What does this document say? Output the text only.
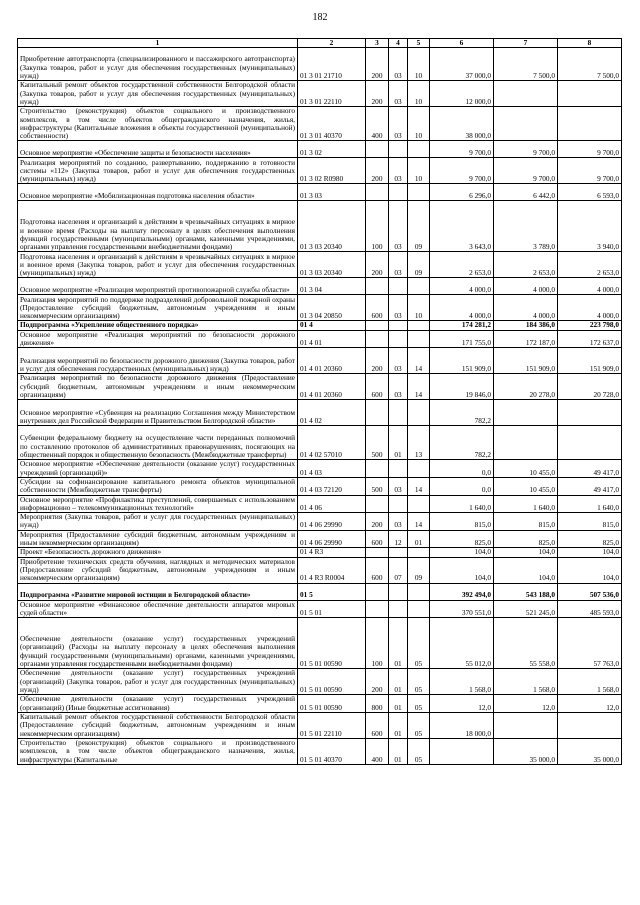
182
1	2	3	4	5	6	7	8
Приобретение автотранспорта (специализированного и пассажирского автотранспорта) (Закупка товаров, работ и услуг для обеспечения государственных (муниципальных) нужд)	01 3 01 21710	200	03	10	37 000,0	7 500,0	7 500,0
Капитальный ремонт объектов государственной собственности Белгородской области (Закупка товаров, работ и услуг для обеспечения государственных (муниципальных) нужд)	01 3 01 22110	200	03	10	12 000,0		
Строительство (реконструкция) объектов социального и производственного комплексов, в том числе объектов общегражданского назначения, жилья, инфраструктуры (Капитальные вложения в объекты государственной (муниципальной) собственности)	01 3 01 40370	400	03	10	38 000,0		
Основное мероприятие «Обеспечение защиты и безопасности населения»	01 3 02				9 700,0	9 700,0	9 700,0
Реализация мероприятий по созданию, развертыванию, поддержанию в готовности системы «112» (Закупка товаров, работ и услуг для обеспечения государственных (муниципальных) нужд)	01 3 02 R0980	200	03	10	9 700,0	9 700,0	9 700,0
Основное мероприятие «Мобилизационная подготовка населения области»	01 3 03				6 296,0	6 442,0	6 593,0
Подготовка населения и организаций к действиям в чрезвычайных ситуациях в мирное и военное время (Расходы на выплату персоналу в целях обеспечения выполнения функций государственными (муниципальными) органами, казенными учреждениями, органами управления государственными внебюджетными фондами)	01 3 03 20340	100	03	09	3 643,0	3 789,0	3 940,0
Подготовка населения и организаций к действиям в чрезвычайных ситуациях в мирное и военное время (Закупка товаров, работ и услуг для обеспечения государственных (муниципальных) нужд)	01 3 03 20340	200	03	09	2 653,0	2 653,0	2 653,0
Основное мероприятие «Реализация мероприятий противопожарной службы области»	01 3 04				4 000,0	4 000,0	4 000,0
Реализация мероприятий по поддержке подразделений добровольной пожарной охраны (Предоставление субсидий бюджетным, автономным учреждениям и иным некоммерческим организациям)	01 3 04 20850	600	03	10	4 000,0	4 000,0	4 000,0
Подпрограмма «Укрепление общественного порядка»	01 4				174 281,2	184 386,0	223 798,0
Основное мероприятие «Реализация мероприятий по безопасности дорожного движения»	01 4 01				171 755,0	172 187,0	172 637,0
Реализация мероприятий по безопасности дорожного движения (Закупка товаров, работ и услуг для обеспечения государственных (муниципальных) нужд)	01 4 01 20360	200	03	14	151 909,0	151 909,0	151 909,0
Реализация мероприятий по безопасности дорожного движения (Предоставление субсидий бюджетным, автономным учреждениям и иным некоммерческим организациям)	01 4 01 20360	600	03	14	19 846,0	20 278,0	20 728,0
Основное мероприятие «Субвенция на реализацию Соглашения между Министерством внутренних дел Российской Федерации и Правительством Белгородской области»	01 4 02				782,2		
Субвенции федеральному бюджету на осуществление части переданных полномочий по составлению протоколов об административных правонарушениях, посягающих на общественный порядок и общественную безопасность (Межбюджетные трансферты)	01 4 02 57010	500	01	13	782,2		
Основное мероприятие «Обеспечение деятельности (оказание услуг) государственных учреждений (организаций)»	01 4 03				0,0	10 455,0	49 417,0
Субсидии на софинансирование капитального ремонта объектов муниципальной собственности (Межбюджетные трансферты)	01 4 03 72120	500	03	14	0,0	10 455,0	49 417,0
Основное мероприятие «Профилактика преступлений, совершаемых с использованием информационно – телекоммуникационных технологий»	01 4 06				1 640,0	1 640,0	1 640,0
Мероприятия (Закупка товаров, работ и услуг для государственных (муниципальных) нужд)	01 4 06 29990	200	03	14	815,0	815,0	815,0
Мероприятия (Предоставление субсидий бюджетным, автономным учреждениям и иным некоммерческим организациям)	01 4 06 29990	600	12	01	825,0	825,0	825,0
Проект «Безопасность дорожного движения»	01 4 R3				104,0	104,0	104,0
Приобретение технических средств обучения, наглядных и методических материалов (Предоставление субсидий бюджетным, автономным учреждениям и иным некоммерческим организациям)	01 4 R3 R0004	600	07	09	104,0	104,0	104,0
Подпрограмма «Развитие мировой юстиции в Белгородской области»	01 5				392 494,0	543 188,0	507 536,0
Основное мероприятие «Финансовое обеспечение деятельности аппаратов мировых судей области»	01 5 01				370 551,0	521 245,0	485 593,0
Обеспечение деятельности (оказание услуг) государственных учреждений (организаций) (Расходы на выплату персоналу в целях обеспечения выполнения функций государственными (муниципальными) органами, казенными учреждениями, органами управления государственными внебюджетными фондами)	01 5 01 00590	100	01	05	55 012,0	55 558,0	57 763,0
Обеспечение деятельности (оказание услуг) государственных учреждений (организаций) (Закупка товаров, работ и услуг для государственных (муниципальных) нужд)	01 5 01 00590	200	01	05	1 568,0	1 568,0	1 568,0
Обеспечение деятельности (оказание услуг) государственных учреждений (организаций) (Иные бюджетные ассигнования)	01 5 01 00590	800	01	05	12,0	12,0	12,0
Капитальный ремонт объектов государственной собственности Белгородской области (Предоставление субсидий бюджетным, автономным учреждениям и иным некоммерческим организациям)	01 5 01 22110	600	01	05	18 000,0		
Строительство (реконструкция) объектов социального и производственного комплексов, в том числе объектов общегражданского назначения, жилья, инфраструктуры (Капитальные	01 5 01 40370	400	01	05		35 000,0	35 000,0
